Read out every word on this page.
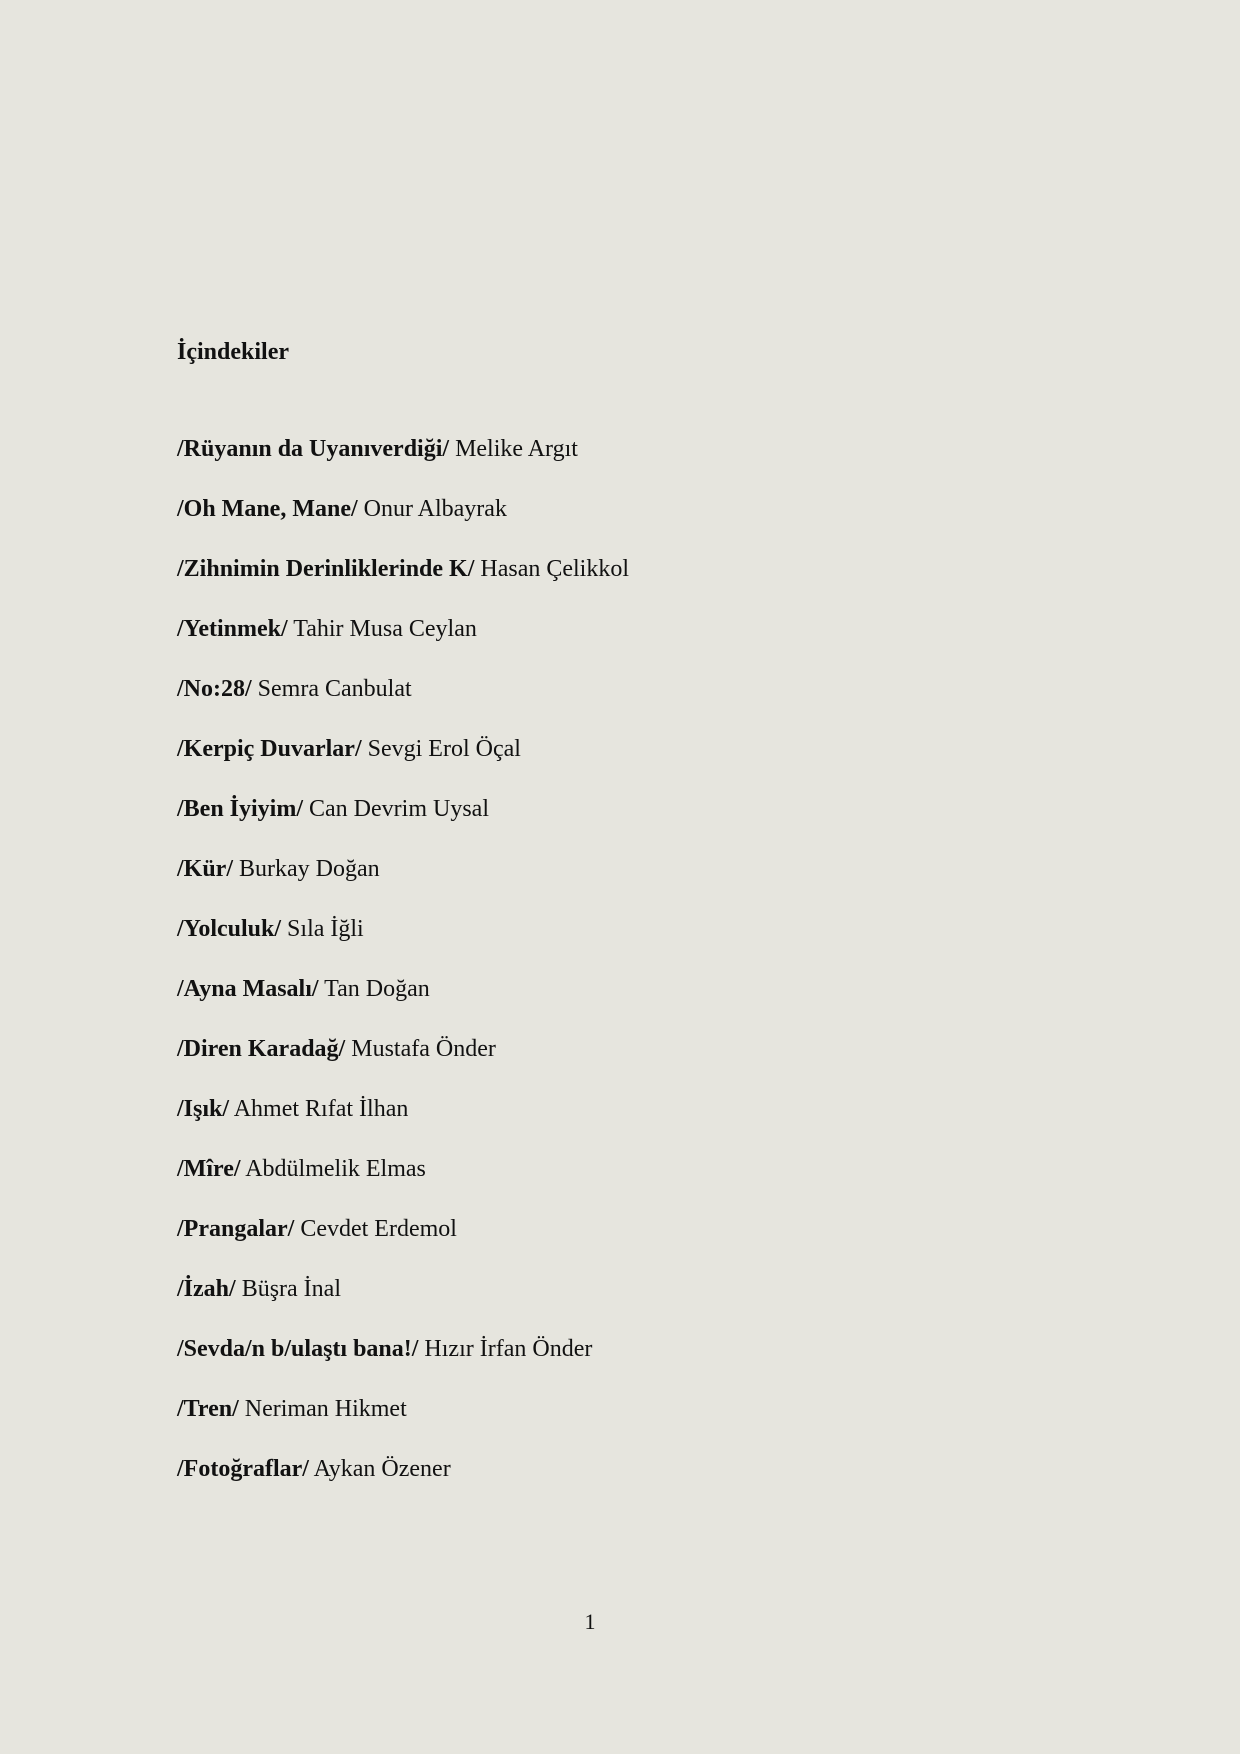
İçindekiler
/Rüyanın da Uyanıverdiği/ Melike Argıt
/Oh Mane, Mane/ Onur Albayrak
/Zihnimin Derinliklerinde K/ Hasan Çelikkol
/Yetinmek/ Tahir Musa Ceylan
/No:28/ Semra Canbulat
/Kerpiç Duvarlar/ Sevgi Erol Öçal
/Ben İyiyim/ Can Devrim Uysal
/Kür/ Burkay Doğan
/Yolculuk/ Sıla İğli
/Ayna Masalı/ Tan Doğan
/Diren Karadağ/ Mustafa Önder
/Işık/ Ahmet Rıfat İlhan
/Mîre/ Abdülmelik Elmas
/Prangalar/ Cevdet Erdemol
/İzah/ Büşra İnal
/Sevda/n b/ulaştı bana!/ Hızır İrfan Önder
/Tren/ Neriman Hikmet
/Fotoğraflar/ Aykan Özener
1
